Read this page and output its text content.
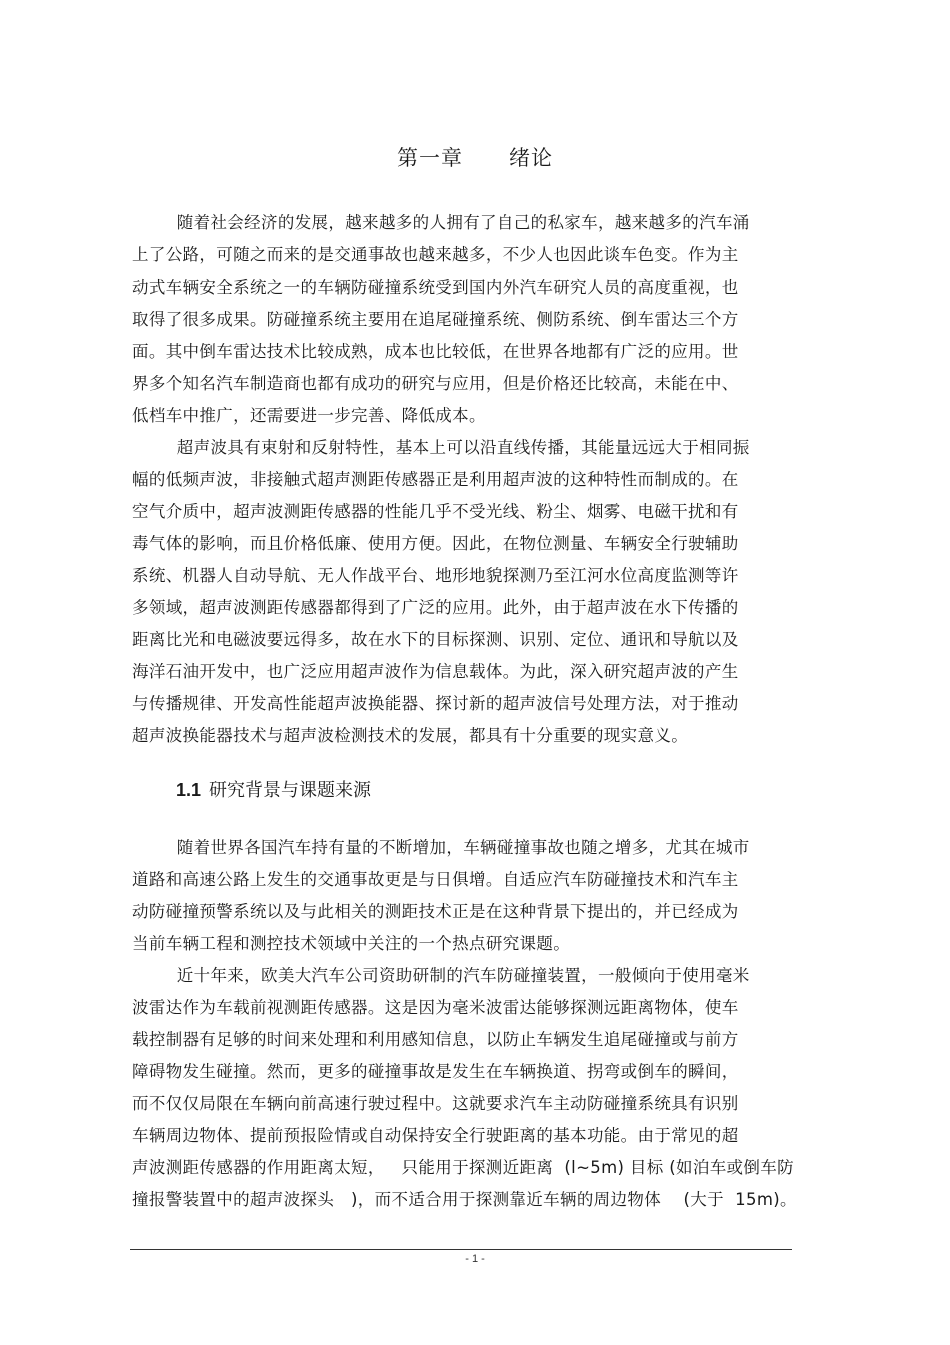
第一章      绪论
随着社会经济的发展，越来越多的人拥有了自己的私家车，越来越多的汽车涌
上了公路，可随之而来的是交通事故也越来越多，不少人也因此谈车色变。作为主
动式车辆安全系统之一的车辆防碰撞系统受到国内外汽车研究人员的高度重视，也
取得了很多成果。防碰撞系统主要用在追尾碰撞系统、侧防系统、倒车雷达三个方
面。其中倒车雷达技术比较成熟，成本也比较低，在世界各地都有广泛的应用。世
界多个知名汽车制造商也都有成功的研究与应用，但是价格还比较高，未能在中、
低档车中推广，还需要进一步完善、降低成本。
超声波具有束射和反射特性，基本上可以沿直线传播，其能量远远大于相同振
幅的低频声波，非接触式超声测距传感器正是利用超声波的这种特性而制成的。在
空气介质中，超声波测距传感器的性能几乎不受光线、粉尘、烟雾、电磁干扰和有
毒气体的影响，而且价格低廉、使用方便。因此，在物位测量、车辆安全行驶辅助
系统、机器人自动导航、无人作战平台、地形地貌探测乃至江河水位高度监测等许
多领域，超声波测距传感器都得到了广泛的应用。此外，由于超声波在水下传播的
距离比光和电磁波要远得多，故在水下的目标探测、识别、定位、通讯和导航以及
海洋石油开发中，也广泛应用超声波作为信息载体。为此，深入研究超声波的产生
与传播规律、开发高性能超声波换能器、探讨新的超声波信号处理方法，对于推动
超声波换能器技术与超声波检测技术的发展，都具有十分重要的现实意义。
1.1 研究背景与课题来源
随着世界各国汽车持有量的不断增加，车辆碰撞事故也随之增多，尤其在城市
道路和高速公路上发生的交通事故更是与日俱增。自适应汽车防碰撞技术和汽车主
动防碰撞预警系统以及与此相关的测距技术正是在这种背景下提出的，并已经成为
当前车辆工程和测控技术领域中关注的一个热点研究课题。
近十年来，欧美大汽车公司资助研制的汽车防碰撞装置，一般倾向于使用毫米
波雷达作为车载前视测距传感器。这是因为毫米波雷达能够探测远距离物体，使车
载控制器有足够的时间来处理和利用感知信息，以防止车辆发生追尾碰撞或与前方
障碍物发生碰撞。然而，更多的碰撞事故是发生在车辆换道、拐弯或倒车的瞬间，
而不仅仅局限在车辆向前高速行驶过程中。这就要求汽车主动防碰撞系统具有识别
车辆周边物体、提前预报险情或自动保持安全行驶距离的基本功能。由于常见的超
声波测距传感器的作用距离太短，   只能用于探测近距离  (l~5m) 目标 (如泊车或倒车防
撞报警装置中的超声波探头   )，而不适合用于探测靠近车辆的周边物体    (大于  15m)。
- 1 -
